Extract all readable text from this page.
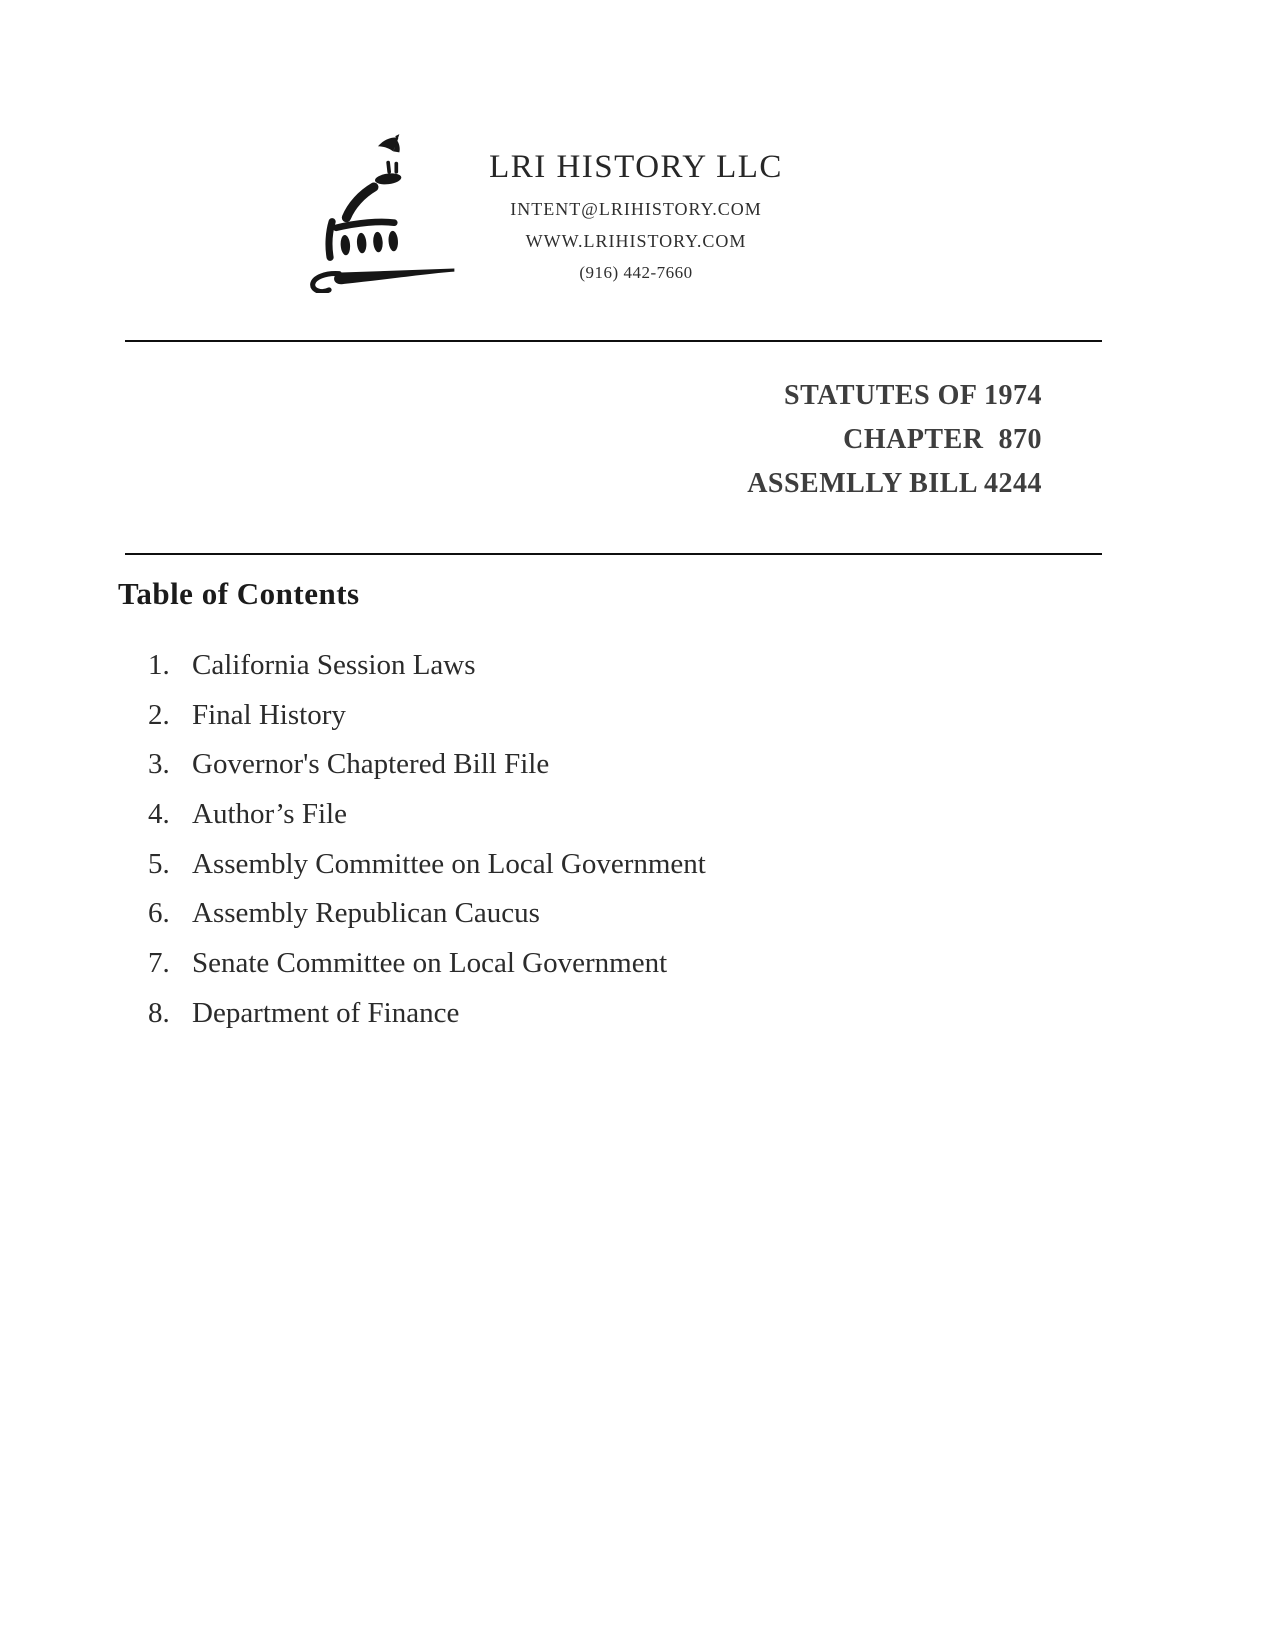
LRI HISTORY LLC
INTENT@LRIHISTORY.COM
WWW.LRIHISTORY.COM
(916) 442-7660
STATUTES OF 1974
CHAPTER  870
ASSEMLLY BILL 4244
Table of Contents
1. California Session Laws
2. Final History
3. Governor's Chaptered Bill File
4. Author’s File
5. Assembly Committee on Local Government
6. Assembly Republican Caucus
7. Senate Committee on Local Government
8. Department of Finance
